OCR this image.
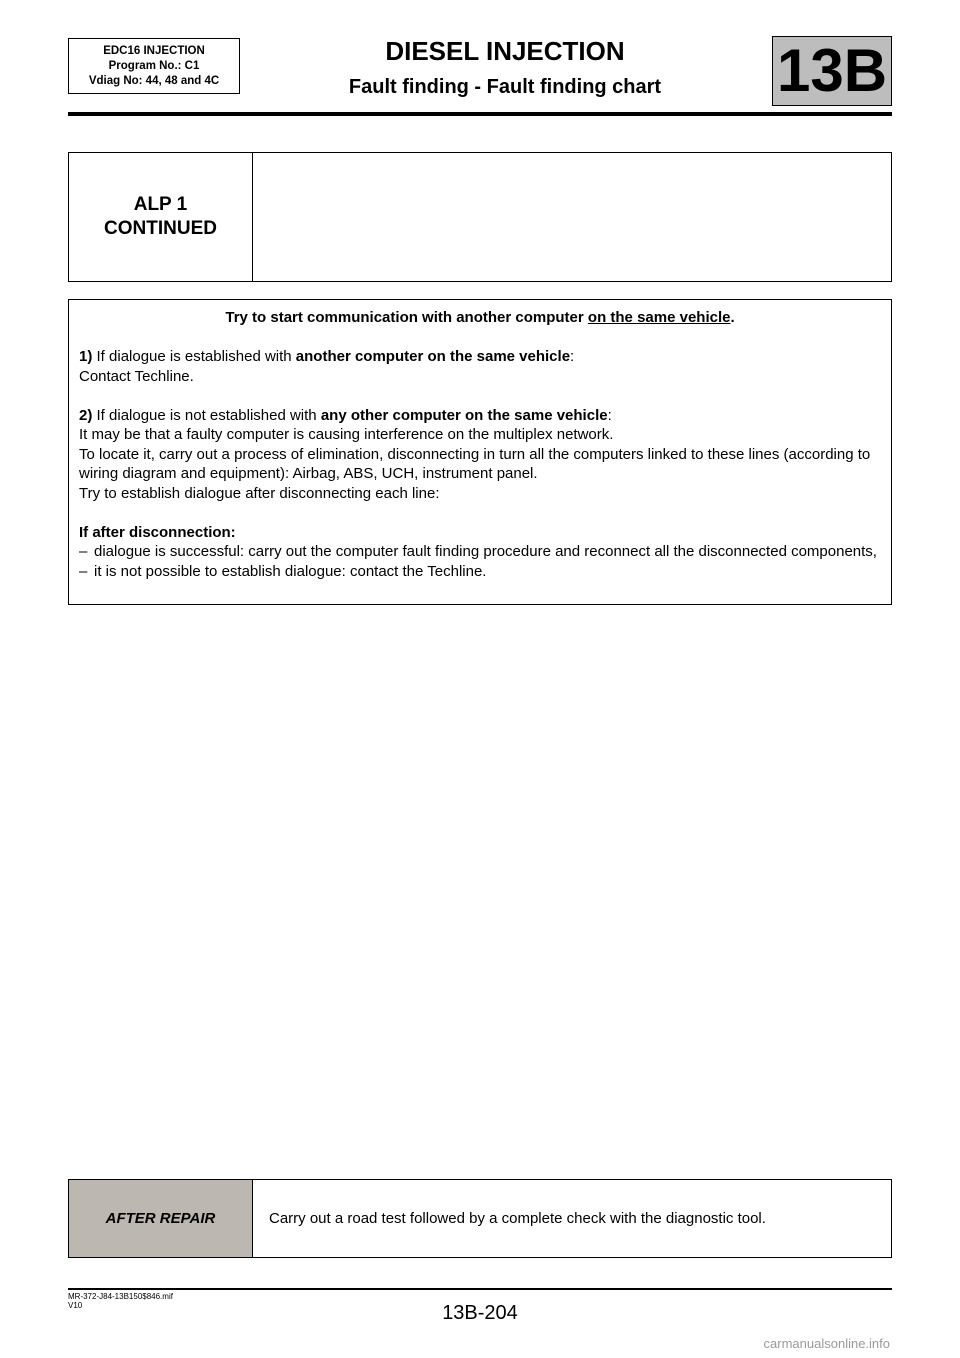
EDC16 INJECTION
Program No.: C1
Vdiag No: 44, 48 and 4C
DIESEL INJECTION
Fault finding - Fault finding chart	13B
ALP 1
CONTINUED

Try to start communication with another computer on the same vehicle.

1) If dialogue is established with another computer on the same vehicle:

Contact Techline.

2) If dialogue is not established with any other computer on the same vehicle:

It may be that a faulty computer is causing interference on the multiplex network.

To locate it, carry out a process of elimination, disconnecting in turn all the computers linked to these lines (according to wiring diagram and equipment): Airbag, ABS, UCH, instrument panel.

Try to establish dialogue after disconnecting each line:

If after disconnection:

– dialogue is successful: carry out the computer fault finding procedure and reconnect all the disconnected components,
– it is not possible to establish dialogue: contact the Techline.
AFTER REPAIR	Carry out a road test followed by a complete check with the diagnostic tool.
MR-372-J84-13B150$846.mif
V10	13B-204
carmanualsonline.info
